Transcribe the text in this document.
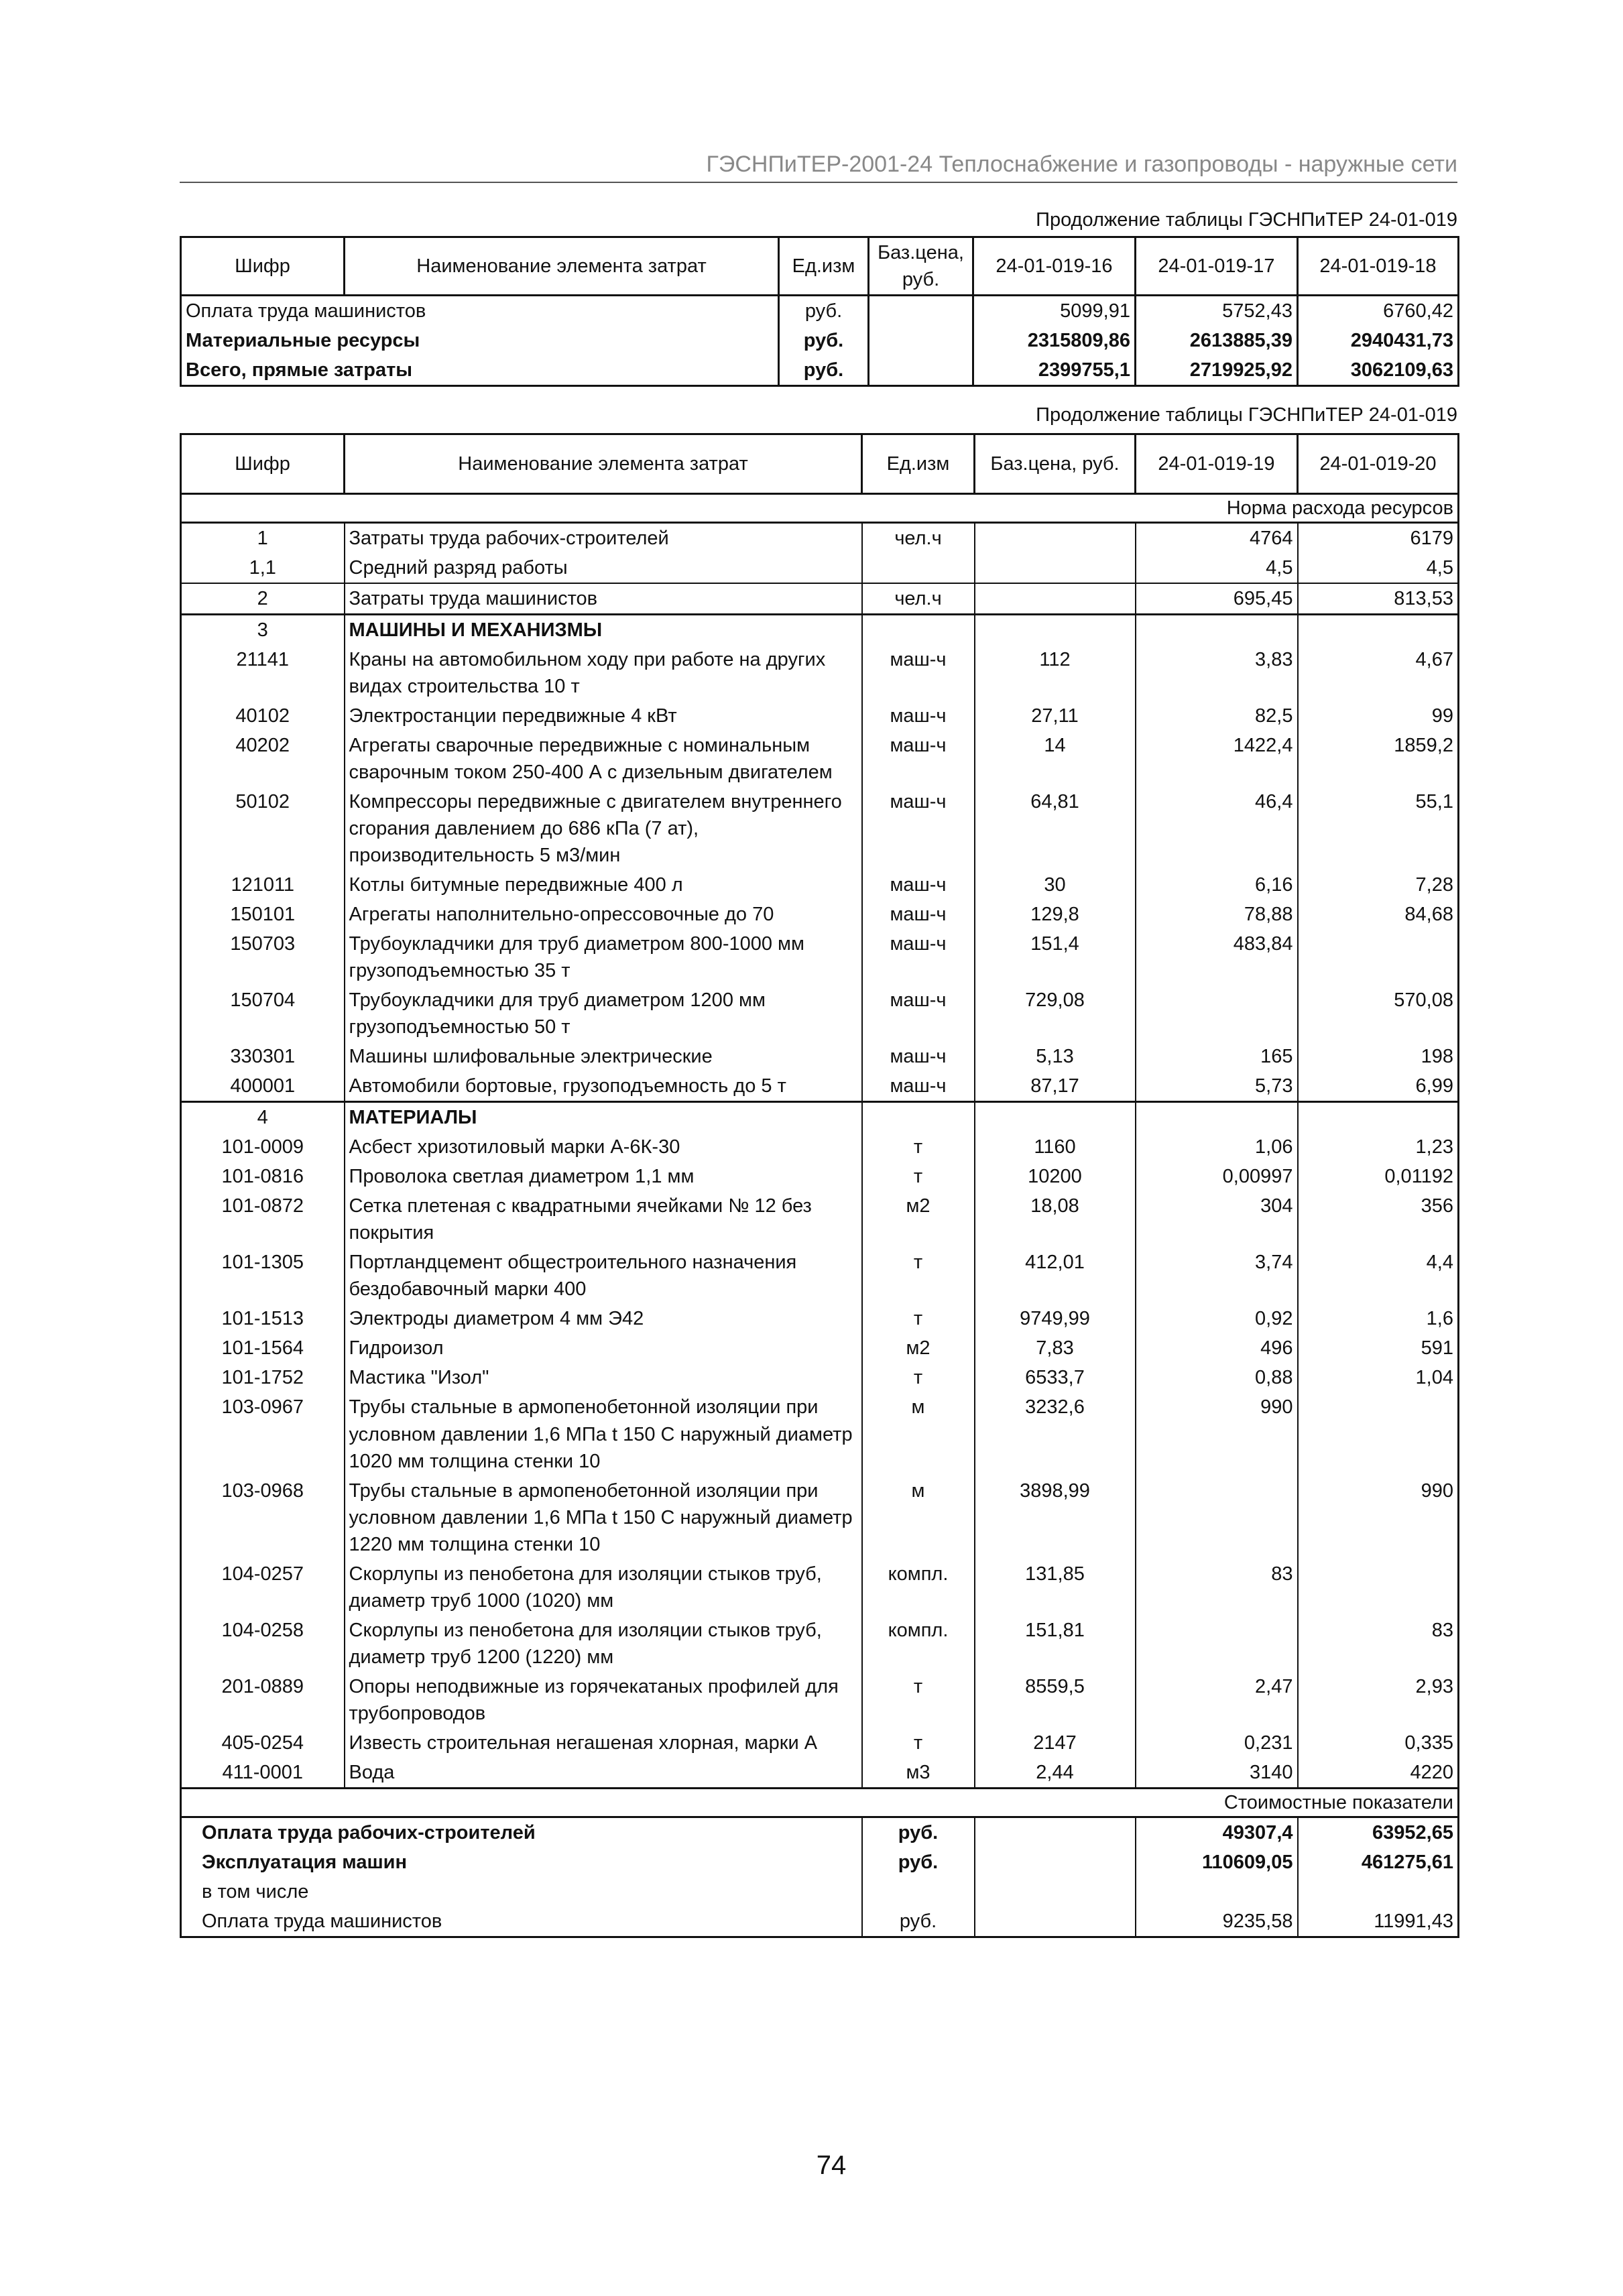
ГЭСНПиТЕР-2001-24 Теплоснабжение и газопроводы - наружные сети
Продолжение таблицы ГЭСНПиТЕР 24-01-019
Шифр	Наименование элемента затрат	Ед.изм	Баз.цена, руб.	24-01-019-16	24-01-019-17	24-01-019-18
Оплата труда машинистов		руб.		5099,91	5752,43	6760,42
Материальные ресурсы		руб.		2315809,86	2613885,39	2940431,73
Всего, прямые затраты		руб.		2399755,1	2719925,92	3062109,63
Продолжение таблицы ГЭСНПиТЕР 24-01-019
Шифр	Наименование элемента затрат	Ед.изм	Баз.цена, руб.	24-01-019-19	24-01-019-20
Норма расхода ресурсов					
1	Затраты труда рабочих-строителей	чел.ч		4764	6179
1,1	Средний разряд работы			4,5	4,5
2	Затраты труда машинистов	чел.ч		695,45	813,53
3	МАШИНЫ И МЕХАНИЗМЫ				
21141	Краны на автомобильном ходу при работе на других видах строительства 10 т	маш-ч	112	3,83	4,67
40102	Электростанции передвижные 4 кВт	маш-ч	27,11	82,5	99
40202	Агрегаты сварочные передвижные с номинальным сварочным током 250-400 А с дизельным двигателем	маш-ч	14	1422,4	1859,2
50102	Компрессоры передвижные с двигателем внутреннего сгорания давлением до 686 кПа (7 ат), производительность 5 м3/мин	маш-ч	64,81	46,4	55,1
121011	Котлы битумные передвижные 400 л	маш-ч	30	6,16	7,28
150101	Агрегаты наполнительно-опрессовочные до 70	маш-ч	129,8	78,88	84,68
150703	Трубоукладчики для труб диаметром 800-1000 мм грузоподъемностью 35 т	маш-ч	151,4	483,84	
150704	Трубоукладчики для труб диаметром 1200 мм грузоподъемностью 50 т	маш-ч	729,08		570,08
330301	Машины шлифовальные электрические	маш-ч	5,13	165	198
400001	Автомобили бортовые, грузоподъемность до 5 т	маш-ч	87,17	5,73	6,99
4	МАТЕРИАЛЫ				
101-0009	Асбест хризотиловый марки А-6К-30	т	1160	1,06	1,23
101-0816	Проволока светлая диаметром 1,1 мм	т	10200	0,00997	0,01192
101-0872	Сетка плетеная с квадратными ячейками № 12 без покрытия	м2	18,08	304	356
101-1305	Портландцемент общестроительного назначения бездобавочный марки 400	т	412,01	3,74	4,4
101-1513	Электроды диаметром 4 мм Э42	т	9749,99	0,92	1,6
101-1564	Гидроизол	м2	7,83	496	591
101-1752	Мастика "Изол"	т	6533,7	0,88	1,04
103-0967	Трубы стальные в армопенобетонной изоляции при условном давлении 1,6 МПа t 150 С наружный диаметр 1020 мм толщина стенки 10	м	3232,6	990	
103-0968	Трубы стальные в армопенобетонной изоляции при условном давлении 1,6 МПа t 150 С наружный диаметр 1220 мм толщина стенки 10	м	3898,99		990
104-0257	Скорлупы из пенобетона для изоляции стыков труб, диаметр труб 1000 (1020) мм	компл.	131,85	83	
104-0258	Скорлупы из пенобетона для изоляции стыков труб, диаметр труб 1200 (1220) мм	компл.	151,81		83
201-0889	Опоры неподвижные из горячекатаных профилей для трубопроводов	т	8559,5	2,47	2,93
405-0254	Известь строительная негашеная хлорная, марки А	т	2147	0,231	0,335
411-0001	Вода	м3	2,44	3140	4220
Стоимостные показатели					
Оплата труда рабочих-строителей		руб.		49307,4	63952,65
Эксплуатация машин		руб.		110609,05	461275,61
в том числе					
Оплата труда машинистов		руб.		9235,58	11991,43
74
